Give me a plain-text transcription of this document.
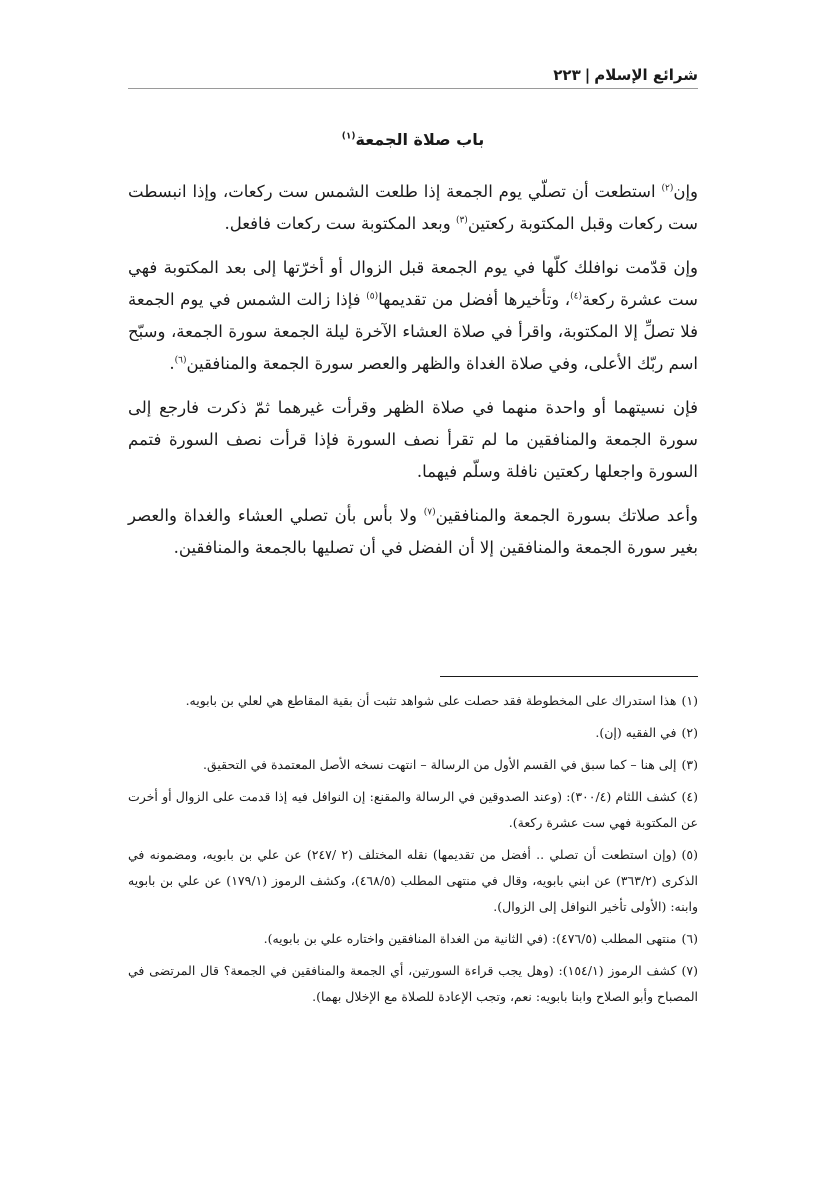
شرائع الإسلام
|
٢٢٣
باب صلاة الجمعة$^{(١)}$

وإن$^{(٢)}$ استطعت أن تصلّي يوم الجمعة إذا طلعت الشمس ست ركعات، وإذا انبسطت ست ركعات وقبل المكتوبة ركعتين$^{(٣)}$ وبعد المكتوبة ست ركعات فافعل.

وإن قدّمت نوافلك كلّها في يوم الجمعة قبل الزوال أو أخرّتها إلى بعد المكتوبة فهي ست عشرة ركعة$^{(٤)}$، وتأخيرها أفضل من تقديمها$^{(٥)}$ فإذا زالت الشمس في يوم الجمعة فلا تصلِّ إلا المكتوبة، واقرأ في صلاة العشاء الآخرة ليلة الجمعة سورة الجمعة، وسبّح اسم ربّك الأعلى، وفي صلاة الغداة والظهر والعصر سورة الجمعة والمنافقين$^{(٦)}$.

فإن نسيتهما أو واحدة منهما في صلاة الظهر وقرأت غيرهما ثمّ ذكرت فارجع إلى سورة الجمعة والمنافقين ما لم تقرأ نصف السورة فإذا قرأت نصف السورة فتمم السورة واجعلها ركعتين نافلة وسلّم فيهما.

وأعد صلاتك بسورة الجمعة والمنافقين$^{(٧)}$ ولا بأس بأن تصلي العشاء والغداة والعصر بغير سورة الجمعة والمنافقين إلا أن الفضل في أن تصليها بالجمعة والمنافقين.

(١)هذا استدراك على المخطوطة فقد حصلت على شواهد تثبت أن بقية المقاطع هي لعلي بن بابويه.

(٢)في الفقيه (إن).

(٣)إلى هنا – كما سبق في القسم الأول من الرسالة – انتهت نسخه الأصل المعتمدة في التحقيق.

(٤)كشف اللثام (٣٠٠/٤): (وعند الصدوقين في الرسالة والمقنع: إن النوافل فيه إذا قدمت على الزوال أو أخرت عن المكتوبة فهي ست عشرة ركعة).

(٥)(وإن استطعت أن تصلي .. أفضل من تقديمها) نقله المختلف (٢ /٢٤٧) عن علي بن بابويه، ومضمونه في الذكرى (٣٦٣/٢) عن ابني بابويه، وقال في منتهى المطلب (٤٦٨/٥)، وكشف الرموز (١٧٩/١) عن علي بن بابويه وابنه: (الأولى تأخير النوافل إلى الزوال).

(٦)منتهى المطلب (٤٧٦/٥): (في الثانية من الغداة المنافقين واختاره علي بن بابويه).

(٧)كشف الرموز (١٥٤/١): (وهل يجب قراءة السورتين، أي الجمعة والمنافقين في الجمعة؟ قال المرتضى في المصباح وأبو الصلاح وابنا بابويه: نعم، وتجب الإعادة للصلاة مع الإخلال بهما).
